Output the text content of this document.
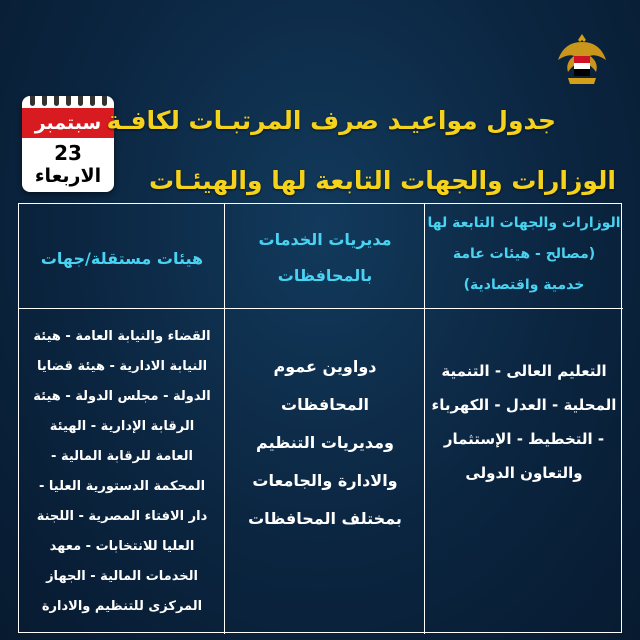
سبتمبر
23
الاربعاء
جدول مواعيـد صرف المرتبـات لكافـة
الوزارات والجهات التابعة لها والهيئـات
الوزارات والجهات التابعة لها
(مصالح - هيئات عامة
خدمية واقتصادية)
مديريات الخدمات
بالمحافظات
هيئات مستقلة/جهات
التعليم العالى - التنمية
المحلية - العدل - الكهرباء
- التخطيط - الإستثمار
والتعاون الدولى
دواوين عموم
المحافظات
ومديريات التنظيم
والادارة والجامعات
بمختلف المحافظات
القضاء والنيابة العامة - هيئة
النيابة الادارية - هيئة قضايا
الدولة - مجلس الدولة - هيئة
الرقابة الإدارية - الهيئة
العامة للرقابة المالية -
المحكمة الدستورية العليا -
دار الافتاء المصرية - اللجنة
العليا للانتخابات - معهد
الخدمات المالية - الجهاز
المركزى للتنظيم والادارة
